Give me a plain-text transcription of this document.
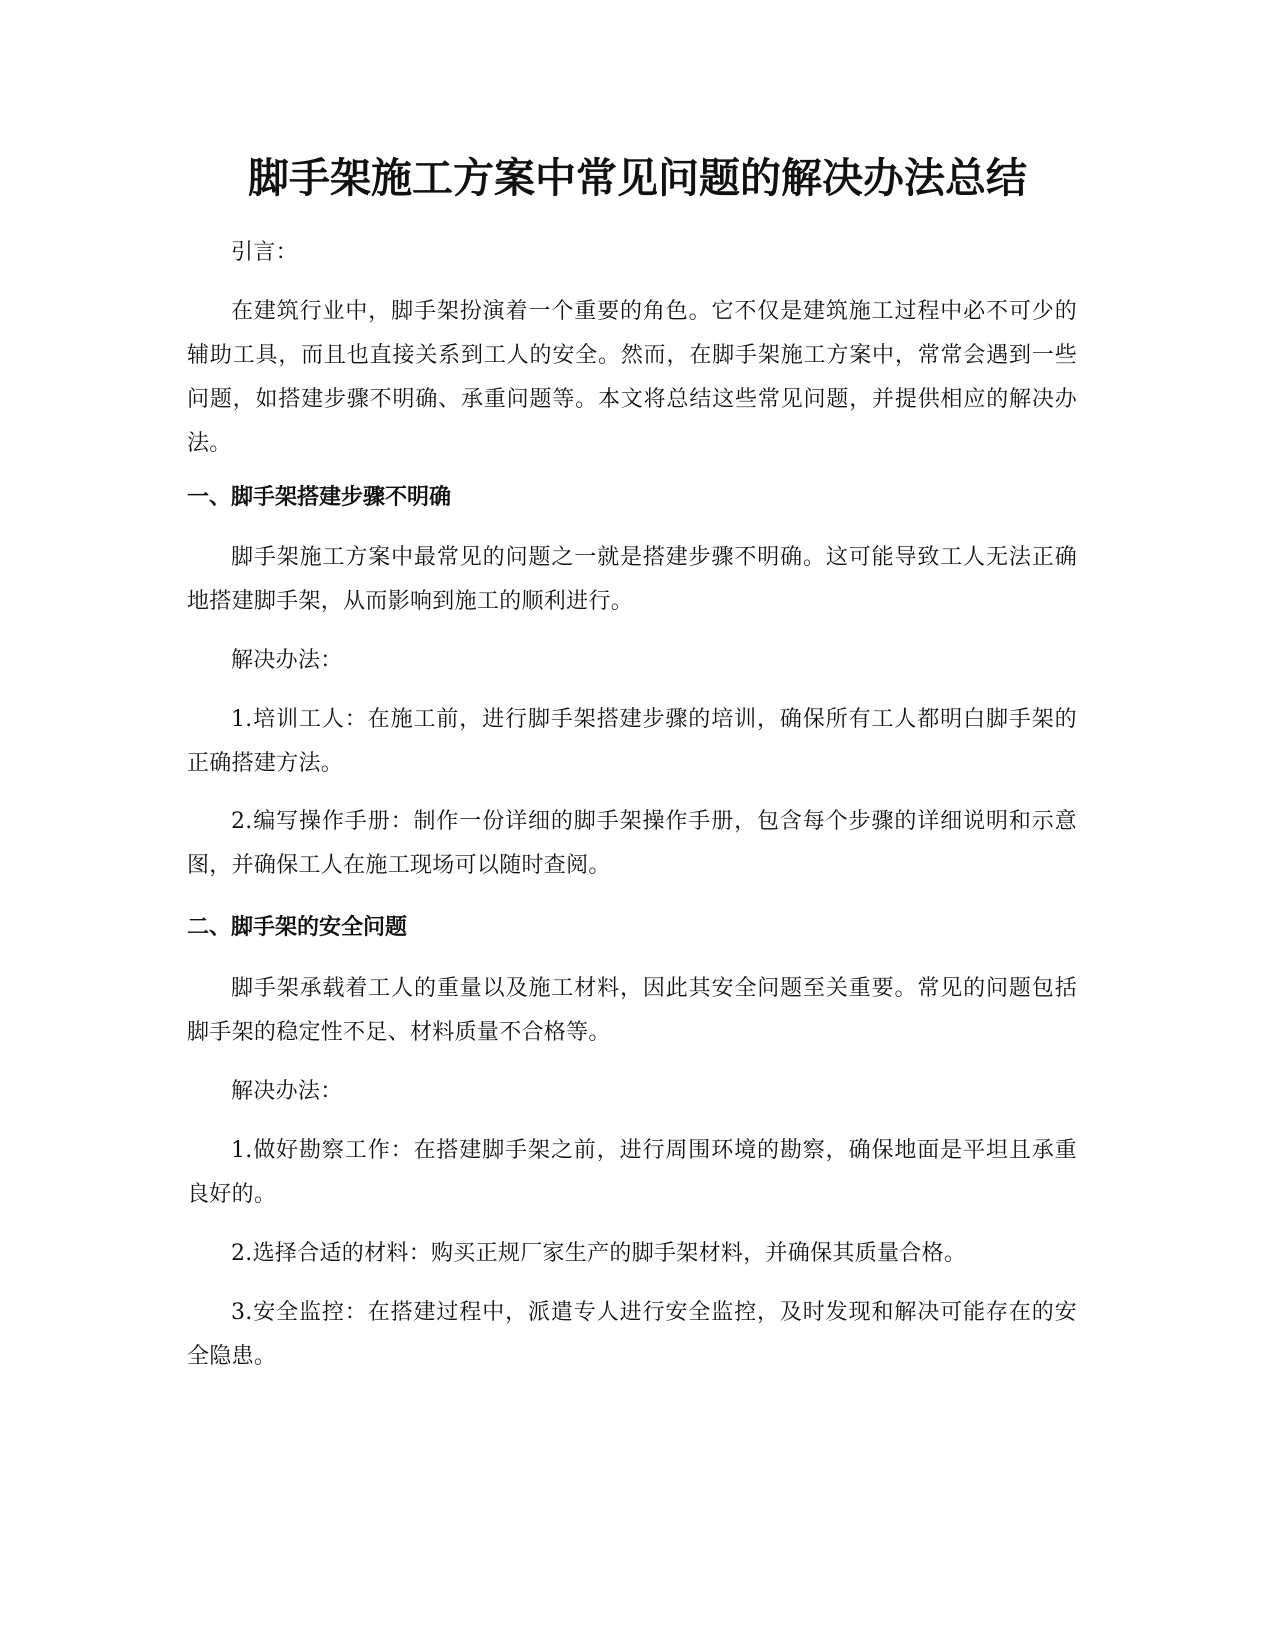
脚手架施工方案中常见问题的解决办法总结

引言：

在建筑行业中，脚手架扮演着一个重要的角色。它不仅是建筑施工过程中必不可少的辅助工具，而且也直接关系到工人的安全。然而，在脚手架施工方案中，常常会遇到一些问题，如搭建步骤不明确、承重问题等。本文将总结这些常见问题，并提供相应的解决办法。

一、脚手架搭建步骤不明确

脚手架施工方案中最常见的问题之一就是搭建步骤不明确。这可能导致工人无法正确地搭建脚手架，从而影响到施工的顺利进行。

解决办法：

1.培训工人：在施工前，进行脚手架搭建步骤的培训，确保所有工人都明白脚手架的正确搭建方法。

2.编写操作手册：制作一份详细的脚手架操作手册，包含每个步骤的详细说明和示意图，并确保工人在施工现场可以随时查阅。

二、脚手架的安全问题

脚手架承载着工人的重量以及施工材料，因此其安全问题至关重要。常见的问题包括脚手架的稳定性不足、材料质量不合格等。

解决办法：

1.做好勘察工作：在搭建脚手架之前，进行周围环境的勘察，确保地面是平坦且承重良好的。

2.选择合适的材料：购买正规厂家生产的脚手架材料，并确保其质量合格。

3.安全监控：在搭建过程中，派遣专人进行安全监控，及时发现和解决可能存在的安全隐患。
